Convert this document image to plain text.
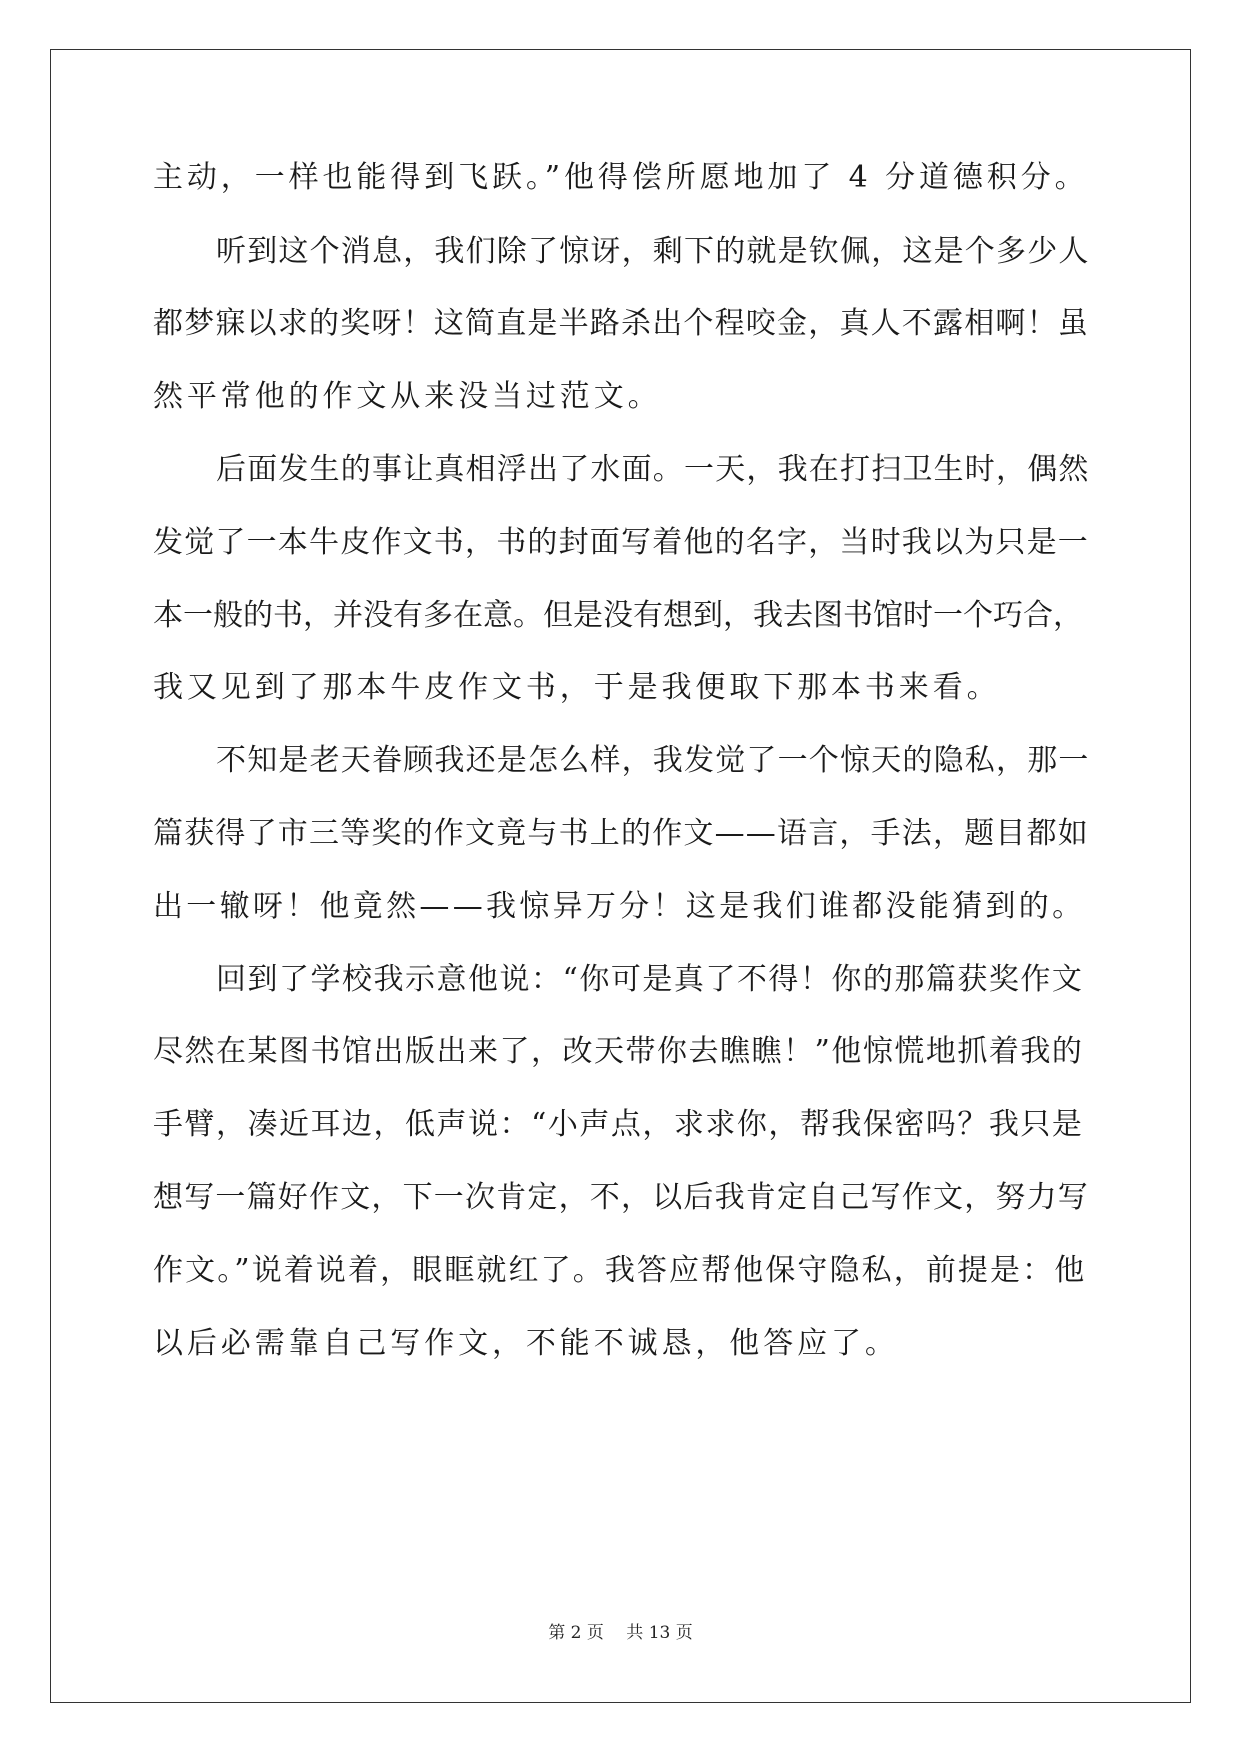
主动，一样也能得到飞跃。”他得偿所愿地加了 4 分道德积分。
听到这个消息，我们除了惊讶，剩下的就是钦佩，这是个多少人
都梦寐以求的奖呀！这简直是半路杀出个程咬金，真人不露相啊！虽
然平常他的作文从来没当过范文。
后面发生的事让真相浮出了水面。一天，我在打扫卫生时，偶然
发觉了一本牛皮作文书，书的封面写着他的名字，当时我以为只是一
本一般的书，并没有多在意。但是没有想到，我去图书馆时一个巧合，
我又见到了那本牛皮作文书，于是我便取下那本书来看。
不知是老天眷顾我还是怎么样，我发觉了一个惊天的隐私，那一
篇获得了市三等奖的作文竟与书上的作文——语言，手法，题目都如
出一辙呀！他竟然——我惊异万分！这是我们谁都没能猜到的。
回到了学校我示意他说：“你可是真了不得！你的那篇获奖作文
尽然在某图书馆出版出来了，改天带你去瞧瞧！”他惊慌地抓着我的
手臂，凑近耳边，低声说：“小声点，求求你，帮我保密吗？我只是
想写一篇好作文，下一次肯定，不，以后我肯定自己写作文，努力写
作文。”说着说着，眼眶就红了。我答应帮他保守隐私，前提是：他
以后必需靠自己写作文，不能不诚恳，他答应了。
第 2 页　 共 13 页
